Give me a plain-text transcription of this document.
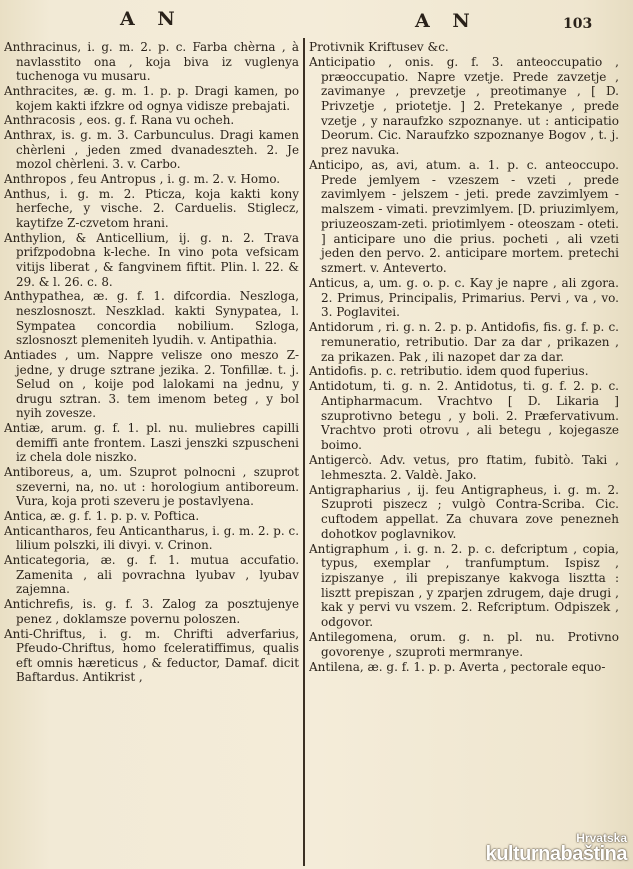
A N	A N	103

Anthracinus, i. g. m. 2. p. c. Farba chèrna , à navlasstito ona , koja biva iz vuglenya tuchenoga vu musaru.

Anthracites, æ. g. m. 1. p. p. Dragi kamen, po kojem kakti ifzkre od ognya vidisze prebajati.

Anthracosis , eos. g. f. Rana vu ocheh.

Anthrax, is. g. m. 3. Carbunculus. Dragi kamen chèrleni , jeden zmed dvanadeszteh. 2. Je mozol chèrleni. 3. v. Carbo.

Anthropos , feu Antropus , i. g. m. 2. v. Homo.

Anthus, i. g. m. 2. Pticza, koja kakti kony herfeche, y vische. 2. Carduelis. Stiglecz, kaytifze Z-czvetom hrani.

Anthylion, & Anticellium, ij. g. n. 2. Trava prifzpodobna k-leche. In vino pota vefsicam vitijs liberat , & fangvinem fiftit. Plin. l. 22. & 29. & l. 26. c. 8.

Anthypathea, æ. g. f. 1. difcordia. Neszloga, neszlosnoszt. Neszklad. kakti Synypatea, l. Sympatea concordia nobilium. Szloga, szlosnoszt plemeniteh lyudih. v. Antipathia.

Antiades , um. Nappre velisze ono meszo Z-jedne, y druge sztrane jezika. 2. Tonfillæ. t. j. Selud on , koije pod lalokami na jednu, y drugu sztran. 3. tem imenom beteg , y bol nyih zovesze.

Antiæ, arum. g. f. 1. pl. nu. muliebres capilli demiffi ante frontem. Laszi jenszki szpuscheni iz chela dole niszko.

Antiboreus, a, um. Szuprot polnocni , szuprot szeverni, na, no. ut : horologium antiboreum. Vura, koja proti szeveru je postavlyena.

Antica, æ. g. f. 1. p. p. v. Poftica.

Anticantharos, feu Anticantharus, i. g. m. 2. p. c. lilium polszki, ili divyi. v. Crinon.

Anticategoria, æ. g. f. 1. mutua accufatio. Zamenita , ali povrachna lyubav , lyubav zajemna.

Antichrefis, is. g. f. 3. Zalog za posztujenye penez , doklamsze povernu poloszen.

Anti-Chriftus, i. g. m. Chrifti adverfarius, Pfeudo-Chriftus, homo fceleratiffimus, qualis eft omnis hæreticus , & feductor, Damaf. dicit Baftardus. Antikrist ,

Protivnik Kriftusev &c.

Anticipatio , onis. g. f. 3. anteoccupatio , præoccupatio. Napre vzetje. Prede zavzetje , zavimanye , prevzetje , preotimanye , [ D. Privzetje , priotetje. ] 2. Pretekanye , prede vzetje , y naraufzko szpoznanye. ut : anticipatio Deorum. Cic. Naraufzko szpoznanye Bogov , t. j. prez navuka.

Anticipo, as, avi, atum. a. 1. p. c. anteoccupo. Prede jemlyem - vzeszem - vzeti , prede zavimlyem - jelszem - jeti. prede zavzimlyem - malszem - vimati. prevzimlyem. [D. priuzimlyem, priuzeoszam-zeti. priotimlyem - oteoszam - oteti. ] anticipare uno die prius. pocheti , ali vzeti jeden den pervo. 2. anticipare mortem. pretechi szmert. v. Anteverto.

Anticus, a, um. g. o. p. c. Kay je napre , ali zgora. 2. Primus, Principalis, Primarius. Pervi , va , vo. 3. Poglavitei.

Antidorum , ri. g. n. 2. p. p. Antidofis, fis. g. f. p. c. remuneratio, retributio. Dar za dar , prikazen , za prikazen. Pak , ili nazopet dar za dar.

Antidofis. p. c. retributio. idem quod fuperius.

Antidotum, ti. g. n. 2. Antidotus, ti. g. f. 2. p. c. Antipharmacum. Vrachtvo [ D. Likaria ] szuprotivno betegu , y boli. 2. Præfervativum. Vrachtvo proti otrovu , ali betegu , kojegasze boimo.

Antigercò. Adv. vetus, pro ftatim, fubitò. Taki , lehmeszta. 2. Valdè. Jako.

Antigrapharius , ij. feu Antigrapheus, i. g. m. 2. Szuproti piszecz ; vulgò Contra-Scriba. Cic. cuftodem appellat. Za chuvara zove penezneh dohotkov poglavnikov.

Antigraphum , i. g. n. 2. p. c. defcriptum , copia, typus, exemplar , tranfumptum. Ispisz , izpiszanye , ili prepiszanye kakvoga lisztta : lisztt prepiszan , y zparjen zdrugem, daje drugi , kak y pervi vu vszem. 2. Refcriptum. Odpiszek , odgovor.

Antilegomena, orum. g. n. pl. nu. Protivno govorenye , szuproti mermranye.

Antilena, æ. g. f. 1. p. p. Averta , pectorale equo-

Hrvatska
kulturnabaština
